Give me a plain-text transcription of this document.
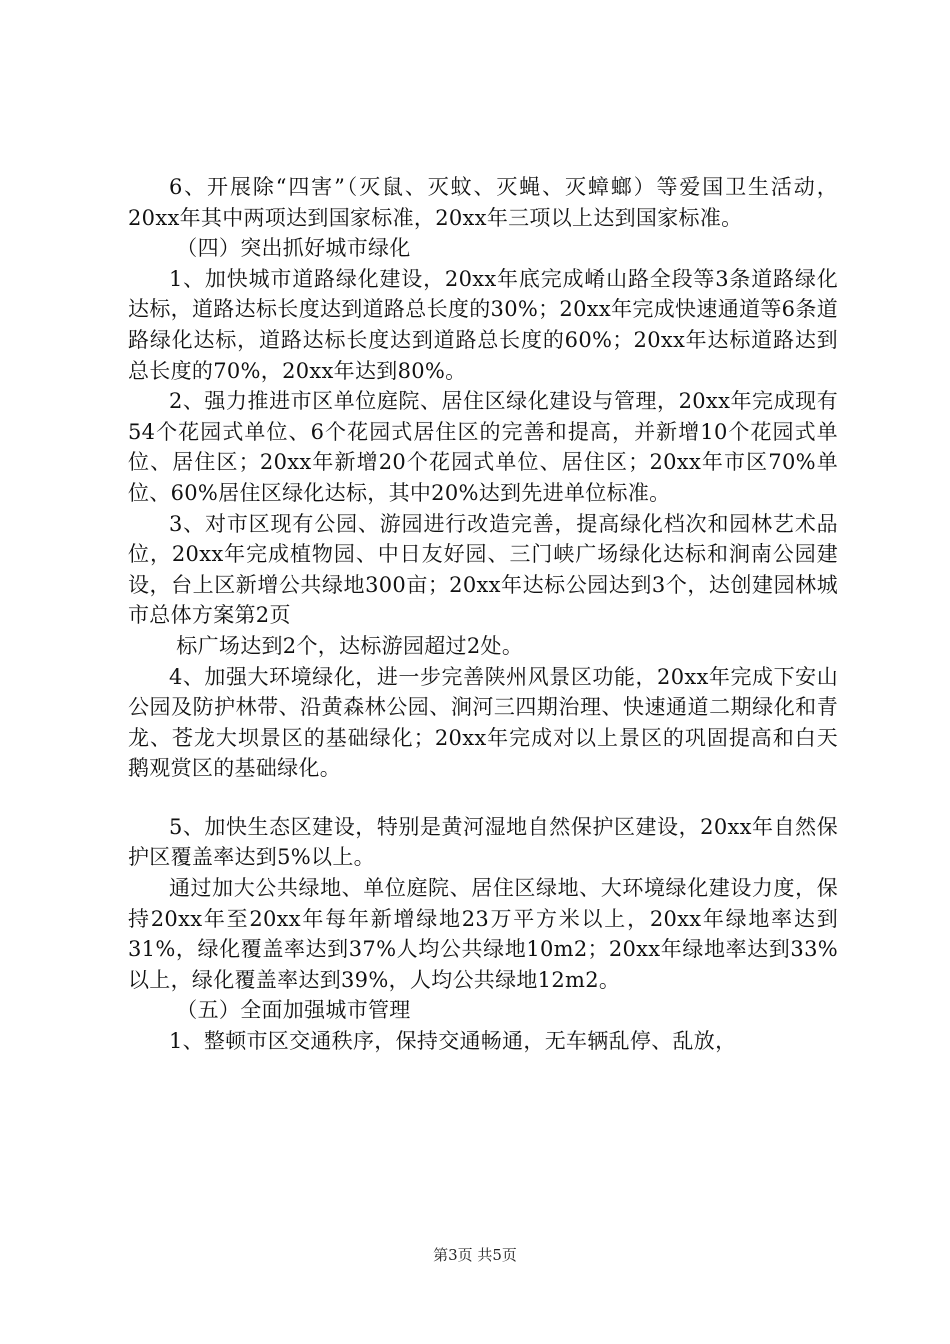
6、开展除“四害”（灭鼠、灭蚊、灭蝇、灭蟑螂）等爱国卫生活动，20xx年其中两项达到国家标准，20xx年三项以上达到国家标准。

（四）突出抓好城市绿化

1、加快城市道路绿化建设，20xx年底完成崤山路全段等3条道路绿化达标，道路达标长度达到道路总长度的30%；20xx年完成快速通道等6条道路绿化达标，道路达标长度达到道路总长度的60%；20xx年达标道路达到总长度的70%，20xx年达到80%。

2、强力推进市区单位庭院、居住区绿化建设与管理，20xx年完成现有54个花园式单位、6个花园式居住区的完善和提高，并新增10个花园式单位、居住区；20xx年新增20个花园式单位、居住区；20xx年市区70%单位、60%居住区绿化达标，其中20%达到先进单位标准。

3、对市区现有公园、游园进行改造完善，提高绿化档次和园林艺术品位，20xx年完成植物园、中日友好园、三门峡广场绿化达标和涧南公园建设，台上区新增公共绿地300亩；20xx年达标公园达到3个，达创建园林城市总体方案第2页

标广场达到2个，达标游园超过2处。

4、加强大环境绿化，进一步完善陕州风景区功能，20xx年完成下安山公园及防护林带、沿黄森林公园、涧河三四期治理、快速通道二期绿化和青龙、苍龙大坝景区的基础绿化；20xx年完成对以上景区的巩固提高和白天鹅观赏区的基础绿化。

5、加快生态区建设，特别是黄河湿地自然保护区建设，20xx年自然保护区覆盖率达到5%以上。

通过加大公共绿地、单位庭院、居住区绿地、大环境绿化建设力度，保持20xx年至20xx年每年新增绿地23万平方米以上，20xx年绿地率达到31%，绿化覆盖率达到37%人均公共绿地10m2；20xx年绿地率达到33%以上，绿化覆盖率达到39%，人均公共绿地12m2。

（五）全面加强城市管理

1、整顿市区交通秩序，保持交通畅通，无车辆乱停、乱放，

第3页 共5页
